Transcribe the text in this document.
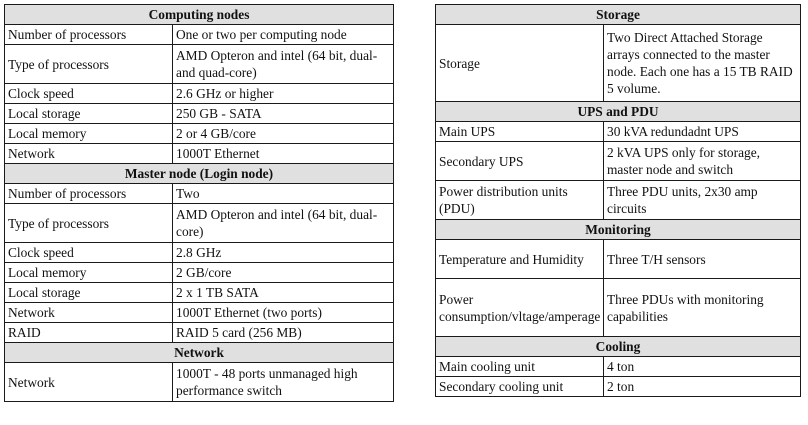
Computing nodes	
Number of processors	One or two per computing node
Type of processors	AMD Opteron and intel (64 bit, dual- and quad-core)
Clock speed	2.6 GHz or higher
Local storage	250 GB - SATA
Local memory	2 or 4 GB/core
Network	1000T Ethernet
Master node (Login node)	
Number of processors	Two
Type of processors	AMD Opteron and intel (64 bit, dual-core)
Clock speed	2.8 GHz
Local memory	2 GB/core
Local storage	2 x 1 TB SATA
Network	1000T Ethernet (two ports)
RAID	RAID 5 card (256 MB)
Network	
Network	1000T - 48 ports unmanaged high performance switch
Storage	
Storage	Two Direct Attached Storage arrays connected to the master node. Each one has a 15 TB RAID 5 volume.
UPS and PDU	
Main UPS	30 kVA redundadnt UPS
Secondary UPS	2 kVA UPS only for storage, master node and switch
Power distribution units (PDU)	Three PDU units, 2x30 amp circuits
Monitoring	
Temperature and Humidity	Three T/H sensors
Power consumption/vltage/amperage	Three PDUs with monitoring capabilities
Cooling	
Main cooling unit	4 ton
Secondary cooling unit	2 ton
